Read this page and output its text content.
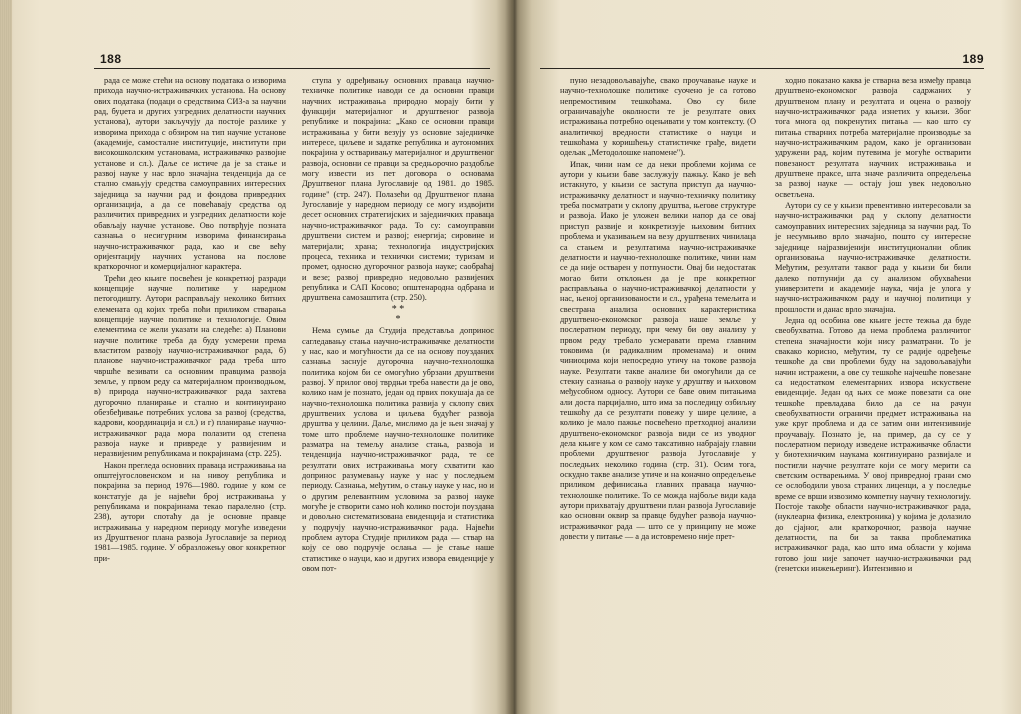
188

рада се може стећи на основу података о изворима прихода научно-истраживачких установа. На основу ових података (подаци о средствима СИЗ-а за научни рад, буџета и других узгредних делатности научних установа), аутори закључују да постоје разлике у изворима прихода с обзиром на тип научне установе (академије, самосталне институције, институти при високошколским установама, истраживачко развојне установе и сл.). Даље се истиче да је за стање и развој науке у нас врло значајна тенденција да се стално смањују средства самоуправних интересних заједница за научни рад и фондова привредних организација, а да се повећавају средства од различитих привредних и узгредних делатности које обављају научне установе. Ово потврђује познатa сазнања о несигурним изворима финансирања научно-истраживачког рада, као и све већу оријентацију научних установа на послове краткорочног и комерцијалног карактера.

Трећи део књиге посвећен је конкретној разради концепције научне политике у наредном петогодишту. Аутори расправљају неколико битних елемената од којих треба поћи приликом стварања концепције научне политике и технологије. Овим елементима се жели указати на следеће: а) Планови научне политике треба да буду усмерени према властитом развоју научно-истраживачког рада, б) планове научно-истраживачког рада треба што чвршће везивати са основним правцима развоја земље, у првом реду са материјалном производњом, в) природа научно-истраживачког рада захтева дугорочно планирање и стално и континуирано обезбеђивање потребних услова за развој (средства, кадрови, координација и сл.) и г) планирање научно-истраживачког рада мора полазити од степена развоја науке и привреде у развијеним и неразвијеним републикама и покрајинама (стр. 225).

Након прегледа основних праваца истраживања на општејугословенском и на нивоу република и покрајина за период 1976—1980. године у ком се констатује да је највећи број истраживања у републикама и покрајинама текао паралелно (стр. 238), аутори спотаћу да је основне правце истраживања у наредном периоду могуће изведени из Друштвеног плана развоја Југославије за период 1981—1985. године. У образложењу овог конкретног при-

ступа у одређивању основних праваца научно-техничке политике наводи се да основни правци научних истраживања природно морају бити у функцији материјалног и друштвеног развоја републике и покрајина: „Како се основни правци истраживања у бити везују уз основне заједничке интересе, циљеве и задатке република и аутономних покрајина у остваривању материјалног и друштвеног развоја, основни се правци за средњорочно раздобље могу извести из пет договора о основама Друштвеног плана Југославије од 1981. до 1985. године" (стр. 247). Полазећи од Друштвеног плана Југославије у наредном периоду се могу издвојити десет основних стратегијских и заједничких праваца научно-истраживачког рада. То су: самоуправни друштвени систем и развој; енергија; сировине и материјали; храна; технологија индустријских процеса, техника и технички системи; туризам и промет, односно дугорочног развоја науке; саобраћај и везе; развој привредно недовољно развијених република и САП Косово; општенародна одбрана и друштвена самозаштита (стр. 250).

* *
*

Нема сумње да Студија представља допринос сагледавању стања научно-истраживачке делатности у нас, као и могућности да се на основу поузданих сазнања заснује дугорочна научно-технолошка политика којом би се омогућио убрзани друштвени развој. У прилог овој тврдњи треба навести да је ово, колико нам је познато, један од првих покушаја да се научно-технолошка политика развија у склопу свих друштвених услова и циљева будућег развоја друштва у целини. Даље, мислимо да је њен значај у томе што проблеме научно-технолошке политике разматра на темељу анализе стања, развоја и тенденција научно-истраживачког рада, те се резултати ових истраживања могу схватити као допринос разумевању науке у нас у последњем периоду. Сазнања, међутим, о стању науке у нас, но и о другим релевантним условима за развој науке могуће је створити само ноћ колико постоји поуздана и довољно систематизована евиденција и статистика у подручју научно-истраживачког рада. Највећи проблем аутора Студије приликом рада — ствар на коју се ово подручје ослања — је стање наше статистике о науци, као и других извора евиденције у овом пот-

189

пуно незадовољавајуће, свако проучавање науке и научно-технолошке политике суочено је са готово непремостивим тешкоћама. Ово су биле ограничавајуће околности те је резултате ових истраживања потребно оцењивати у том контексту. (О аналитичкој вредности статистике о науци и тешкоћама у коришћењу статистичке грађе, видети одељак „Методолошке напомене").

Ипак, чини нам се да неки проблеми којима се аутори у књизи баве заслужују пажњу. Како је већ истакнуто, у књизи се заступа приступ да научно-истраживачку делатност и научно-техничку политику треба посматрати у склопу друштва, његове структуре и развоја. Иако је уложен велики напор да се овај приступ развије и конкретизује њиховим битних проблема и указивањем на везу друштвених чинилаца са стањем и резултатима научно-истраживачке делатности и научно-технолошке политике, чини нам се да није остварен у потпуности. Овај би недостатак могао бити отклоњен да је пре конкретног расправљања о научно-истраживачкој делатности у нас, њеној организованости и сл., урађена темељита и свестрана анализа основних карактеристика друштвено-економског развоја наше земље у послератном периоду, при чему би ову анализу у првом реду требало усмеравати према главним токовима (и радикалним променама) и оним чиниоцима који непосредно утичу на токове развоја науке. Резултати такве анализе би омогућили да се стекну сазнања о развоју науке у друштву и њиховом међусобном односу. Аутори се баве овим питањима али доста парцијално, што има за последицу озбиљну тешкоћу да се резултати повежу у шире целине, а колико је мало пажње посвећено претходној анализи друштвено-економског развоја види се из уводног дела књиге у ком се само таксативно набрајају главни проблеми друштвеног развоја Југославије у последњих неколико година (стр. 31). Осим тога, оскудно такве анализе утиче и на коначно опредељење приликом дефинисања главних праваца научно-технолошке политике. То се можда најбоље види када аутори прихватају друштвени план развоја Југославије као основни оквир за правце будућег развоја научно-истраживачког рада — што се у принципу не може довести у питање — а да истовремено није прет-

ходно показано каква је стварна веза између правца друштвено-економског развоја садржаних у друштвеном плану и резултата и оцена о развоју научно-истраживачког рада изнетих у књизи. Због тога многа од покренутих питања — као што су питања стварних потреба материјалне производње за научно-истраживачким радом, како је организован удружени рад, којим путевима је могуће остварити повезаност резултата научних истраживања и друштвене праксе, шта значе различита опредељења за развој науке — остају још увек недовољно осветљена.

Аутори су се у књизи превентивно интересовали за научно-истраживачки рад у склопу делатности самоуправних интересних заједница за научни рад. То је несумњиво врло значајно, пошто су интересне заједнице најразвијенији институционални облик организовања научно-истраживачке делатности. Међутим, резултати таквог рада у књизи би били далеко потпунији да су анализом обухваћени универзитети и академије наука, чија је улога у научно-истраживачком раду и научној политици у прошлости и данас врло значајна.

Једна од особина ове књиге јесте тежња да буде свеобухватна. Готово да нема проблема различитог степена значајности који нису разматрани. То је свакако корисно, међутим, ту се радије одређење тешкоће да сви проблеми буду на задовољавајући начин истражени, а ове су тешкоће најчешће повезане са недостатком елементарних извора искуствене евиденције. Један од њих се може повезати са оне тешкоће превладава било да се на рачун свеобухватности ограничи предмет истраживања на уже круг проблема и да се затим они интензивније проучавају. Познато је, на пример, да су се у послератном периоду изведене истраживачке области у биотехничким наукама континуирано развијале и постигли научне резултате који се могу мерити са светским остварењима. У овој привредној грани смо се ослободили увоза страних лиценци, а у последње време се врши извозимо компетну научну технологију. Постоје такође области научно-истраживачког рада, (нуклеарна физика, електроника) у којима је долазило до сјајног, али краткорочног, развоја научне делатности, па би за таква проблематика истраживачког рада, као што има области у којима готово још није започет научно-истраживачки рад (генетски инжењеринг). Интензивно и
